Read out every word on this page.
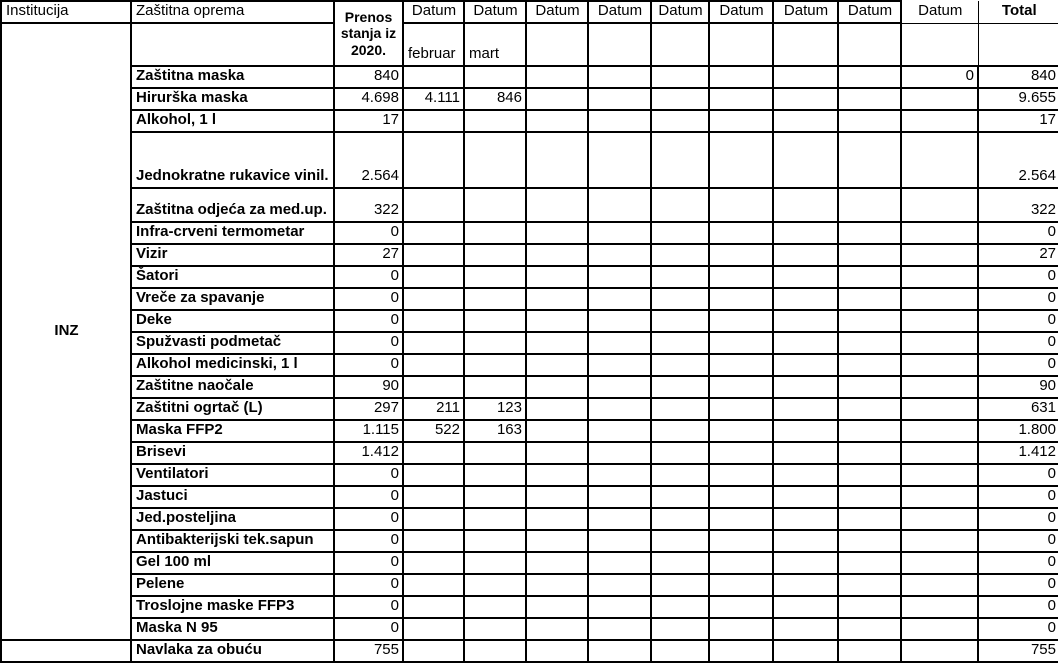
Institucija	Zaštitna oprema	Prenos stanja iz 2020.	Datum	Datum	Datum	Datum	Datum	Datum	Datum	Datum	Datum	Total
INZ			februar	mart								
	Zaštitna maska	840									0	840
	Hirurška maska	4.698	4.111	846								9.655
	Alkohol, 1 l	17										17
	Jednokratne rukavice vinil.	2.564										2.564
	Zaštitna odjeća za med.up.	322										322
	Infra-crveni termometar	0										0
	Vizir	27										27
	Šatori	0										0
	Vreče za spavanje	0										0
	Deke	0										0
	Spužvasti podmetač	0										0
	Alkohol medicinski, 1 l	0										0
	Zaštitne naočale	90										90
	Zaštitni ogrtač (L)	297	211	123								631
	Maska FFP2	1.115	522	163								1.800
	Brisevi	1.412										1.412
	Ventilatori	0										0
	Jastuci	0										0
	Jed.posteljina	0										0
	Antibakterijski tek.sapun	0										0
	Gel 100 ml	0										0
	Pelene	0										0
	Troslojne maske FFP3	0										0
	Maska N 95	0										0
	Navlaka za obuću	755										755
